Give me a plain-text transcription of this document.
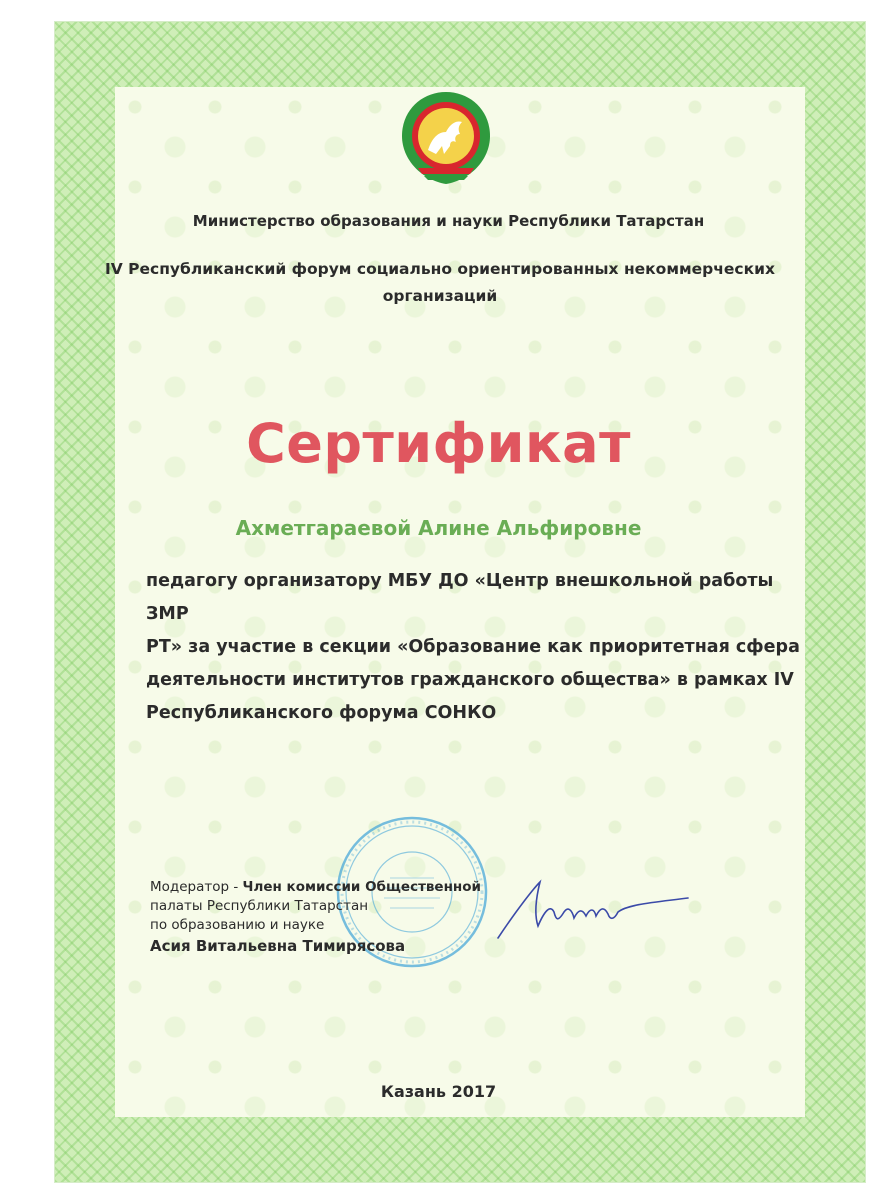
Министерство образования и науки Республики Татарстан
IV Республиканский форум социально ориентированных некоммерческих
организаций
Сертификат
Ахметгараевой Алине Альфировне
педагогу организатору МБУ ДО «Центр внешкольной работы ЗМР
РТ» за участие в секции «Образование как приоритетная сфера
деятельности институтов гражданского общества» в рамках IV
Республиканского форума СОНКО
Модератор - Член комиссии Общественной
палаты Республики Татарстан
по образованию и науке
Асия Витальевна Тимирясова
Казань 2017
